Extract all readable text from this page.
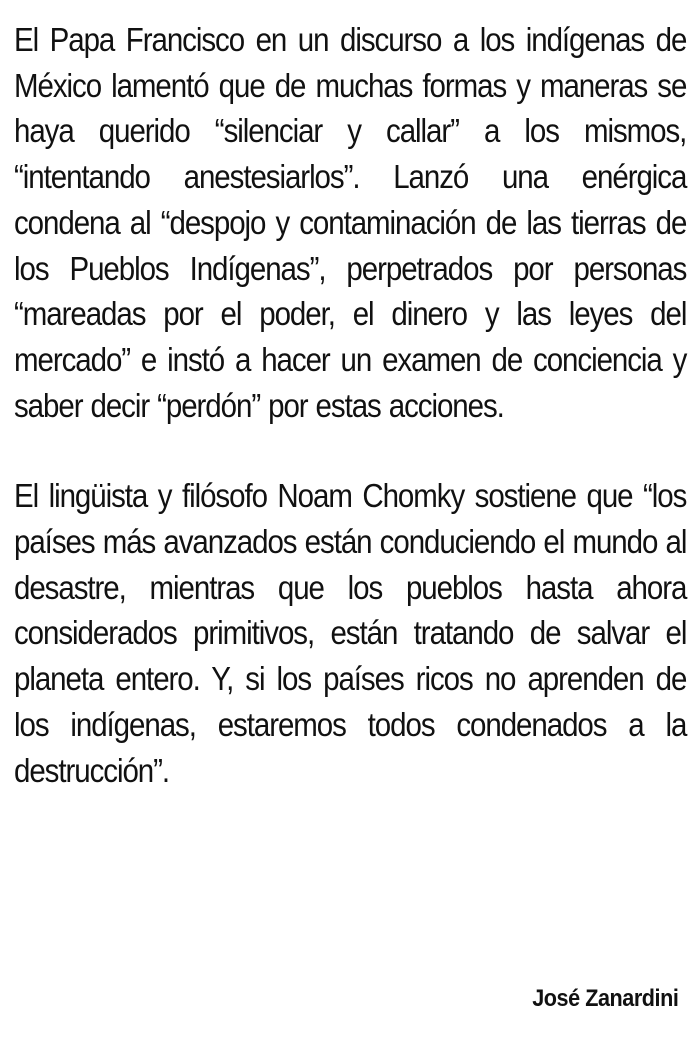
El Papa Francisco en un discurso a los indígenas de México lamentó que de muchas formas y maneras se haya querido “silenciar y callar” a los mismos, “intentando anestesiarlos”. Lanzó una enérgica condena al “despojo y contaminación de las tierras de los Pueblos Indígenas”, perpetrados por personas “mareadas por el poder, el dinero y las leyes del mercado” e instó a hacer un examen de conciencia y saber decir “perdón” por estas acciones.

El lingüista y filósofo Noam Chomky sostiene que “los países más avanzados están conduciendo el mundo al desastre, mientras que los pueblos hasta ahora considerados primitivos, están tratando de salvar el planeta entero. Y, si los países ricos no aprenden de los indígenas, estaremos todos condenados a la destrucción”.

José Zanardini
